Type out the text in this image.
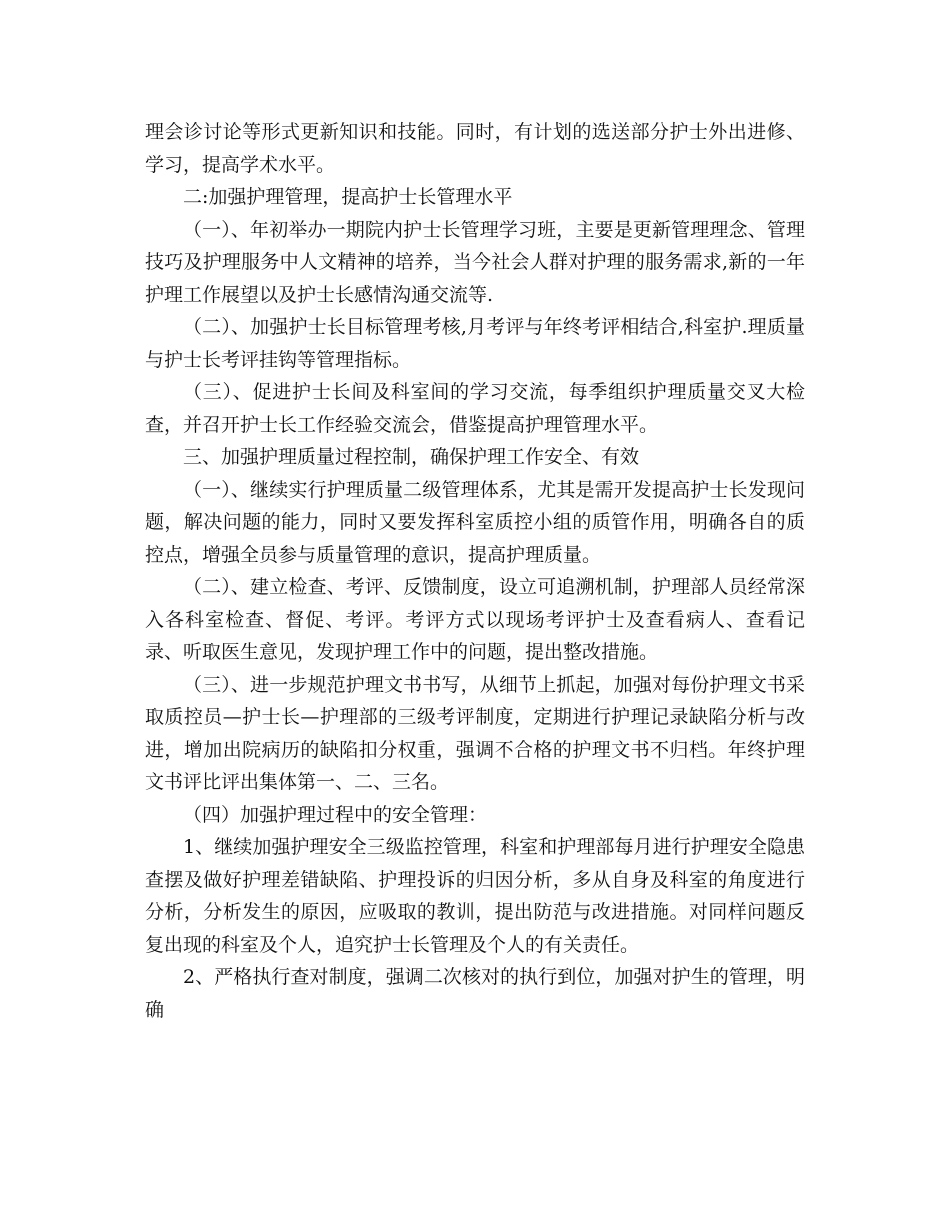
理会诊讨论等形式更新知识和技能。同时，有计划的选送部分护士外出进修、学习，提高学术水平。

二:加强护理管理，提高护士长管理水平

（一）、年初举办一期院内护士长管理学习班，主要是更新管理理念、管理技巧及护理服务中人文精神的培养，当今社会人群对护理的服务需求,新的一年护理工作展望以及护士长感情沟通交流等.

（二）、加强护士长目标管理考核,月考评与年终考评相结合,科室护.理质量与护士长考评挂钩等管理指标。

（三）、促进护士长间及科室间的学习交流，每季组织护理质量交叉大检查，并召开护士长工作经验交流会，借鉴提高护理管理水平。

三、加强护理质量过程控制，确保护理工作安全、有效

（一）、继续实行护理质量二级管理体系，尤其是需开发提高护士长发现问题，解决问题的能力，同时又要发挥科室质控小组的质管作用，明确各自的质控点，增强全员参与质量管理的意识，提高护理质量。

（二）、建立检查、考评、反馈制度，设立可追溯机制，护理部人员经常深入各科室检查、督促、考评。考评方式以现场考评护士及查看病人、查看记录、听取医生意见，发现护理工作中的问题，提出整改措施。

（三）、进一步规范护理文书书写，从细节上抓起，加强对每份护理文书采取质控员—护士长—护理部的三级考评制度，定期进行护理记录缺陷分析与改进，增加出院病历的缺陷扣分权重，强调不合格的护理文书不归档。年终护理文书评比评出集体第一、二、三名。

（四）加强护理过程中的安全管理：

1、继续加强护理安全三级监控管理，科室和护理部每月进行护理安全隐患查摆及做好护理差错缺陷、护理投诉的归因分析，多从自身及科室的角度进行分析，分析发生的原因，应吸取的教训，提出防范与改进措施。对同样问题反复出现的科室及个人，追究护士长管理及个人的有关责任。

2、严格执行查对制度，强调二次核对的执行到位，加强对护生的管理，明确
